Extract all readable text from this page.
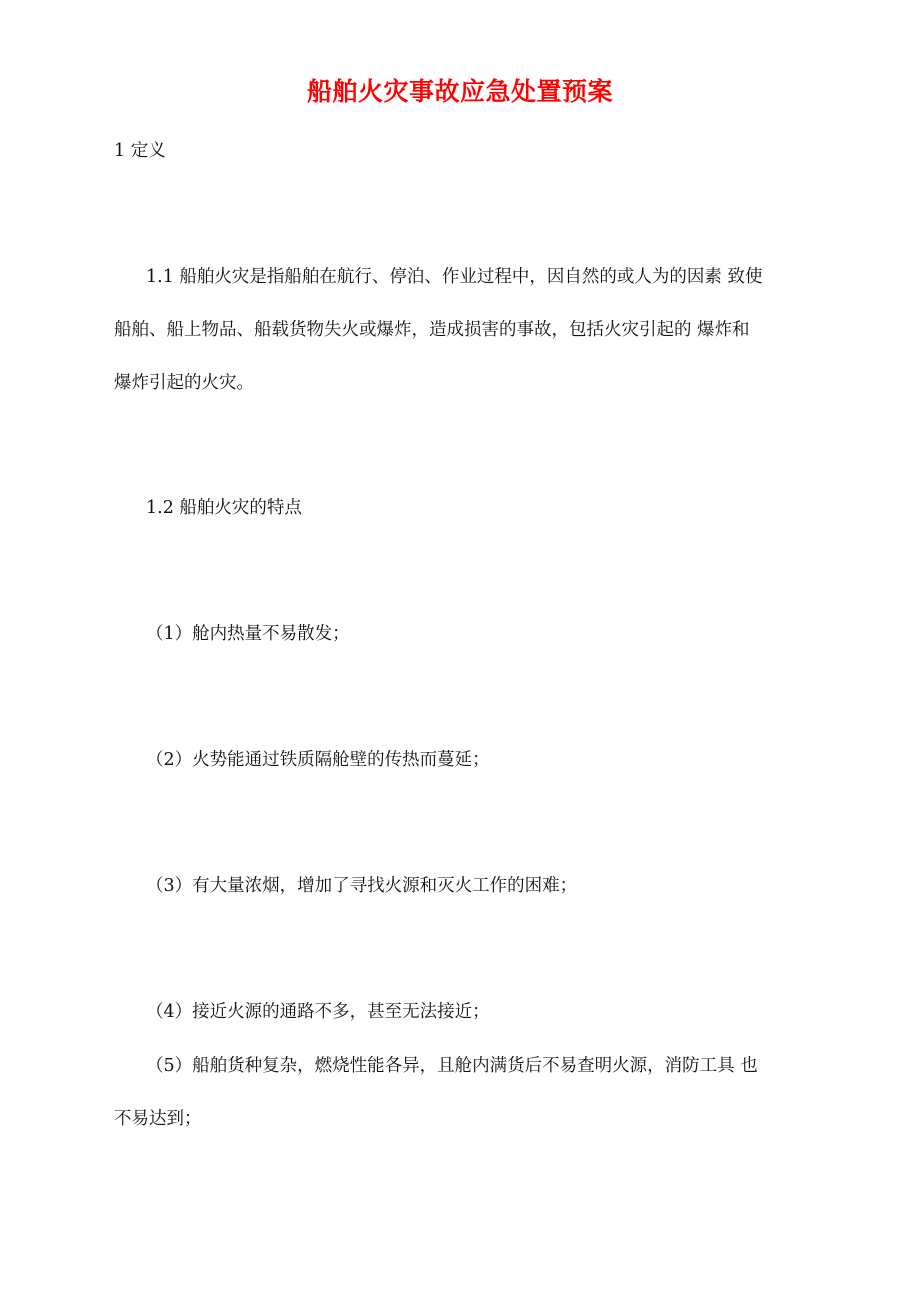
船舶火灾事故应急处置预案
1 定义
1.1 船舶火灾是指船舶在航行、停泊、作业过程中，因自然的或人为的因素 致使
船舶、船上物品、船载货物失火或爆炸，造成损害的事故，包括火灾引起的 爆炸和
爆炸引起的火灾。
1.2 船舶火灾的特点
（1）舱内热量不易散发；
（2）火势能通过铁质隔舱壁的传热而蔓延；
（3）有大量浓烟，增加了寻找火源和灭火工作的困难；
（4）接近火源的通路不多，甚至无法接近；
（5）船舶货种复杂，燃烧性能各异，且舱内满货后不易查明火源，消防工具 也
不易达到；
